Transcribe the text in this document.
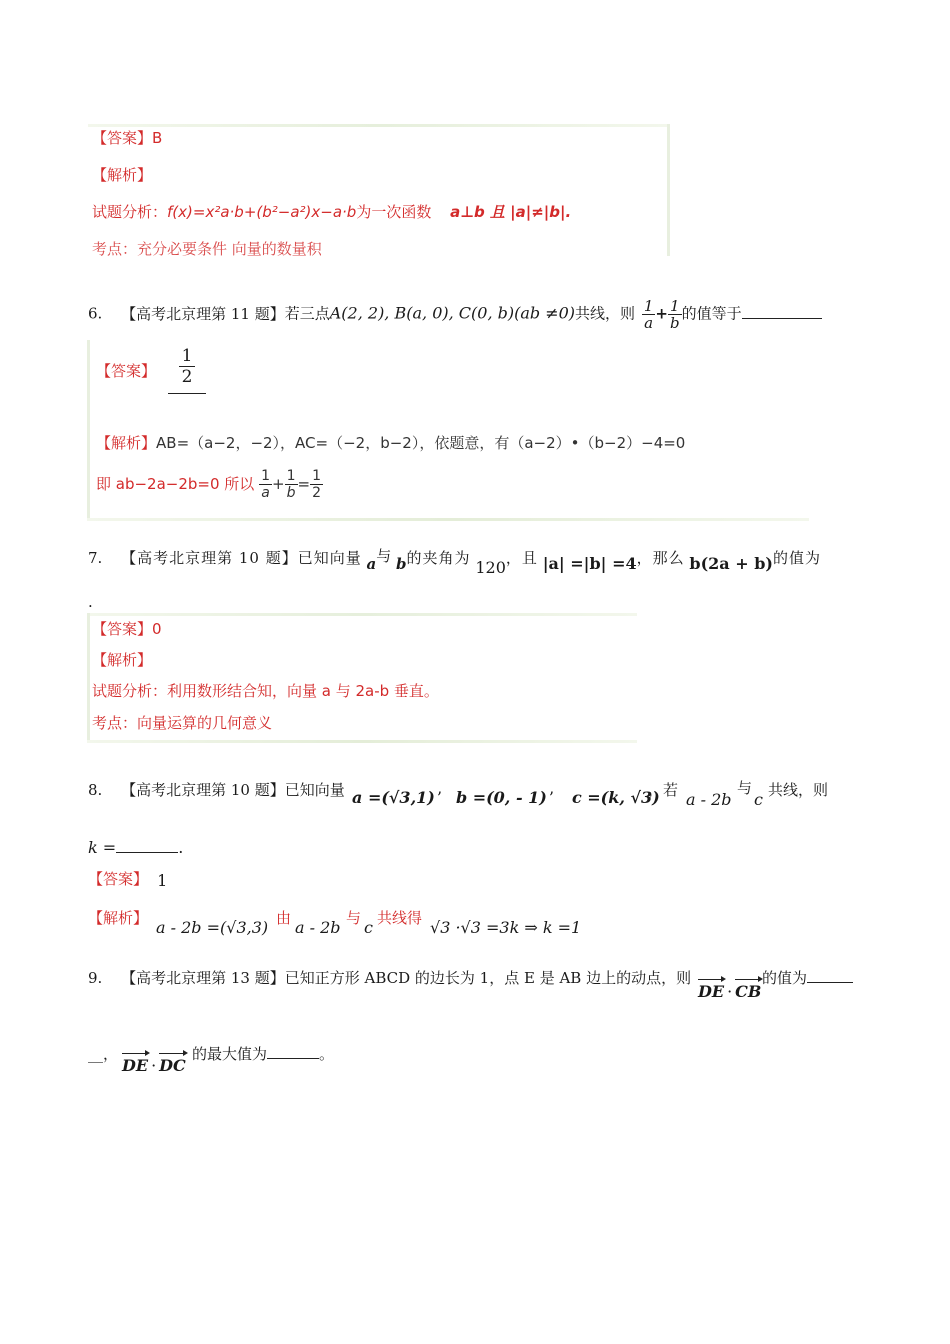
【答案】B
【解析】
试题分析：f(x)=x²a·b+(b²−a²)x−a·b为一次函数 a⊥b 且 |a|≠|b|.
考点：充分必要条件 向量的数量积
6. 【高考北京理第 11 题】若三点A(2, 2), B(a, 0), C(0, b)(ab ≠0)共线，则 $\frac{1}{a} + \frac{1}{b}$ 的值等于
【答案】 $\frac{1}{2}$
【解析】AB=（a−2，−2），AC=（−2，b−2），依题意，有（a−2）•（b−2）−4=0
即 ab−2a−2b=0 所以 $\frac{1}{a} + \frac{1}{b} = \frac{1}{2}$
7. 【高考北京理第 10 题】已知向量 a与 b的夹角为 120，且 |a| =|b| =4，那么 b(2a + b)的值为
.
【答案】0
【解析】
试题分析：利用数形结合知，向量 a 与 2a-b 垂直。
考点：向量运算的几何意义
8. 【高考北京理第 10 题】已知向量 a =(√3,1) ’ b =(0, - 1) ’ c =(k, √3)
，若 a - 2b
与
c 共线，则
k =	.
【答案】 1
【解析】 a - 2b =(√3,3) 由 a - 2b 与 c 共线得 √3 ·√3 =3k ⇒ k =1
9. 【高考北京理第 13 题】已知正方形 ABCD 的边长为 1，点 E 是 AB 边上的动点，则
DE · CB
的值为
__，
DE · DC
的最大值为	。
